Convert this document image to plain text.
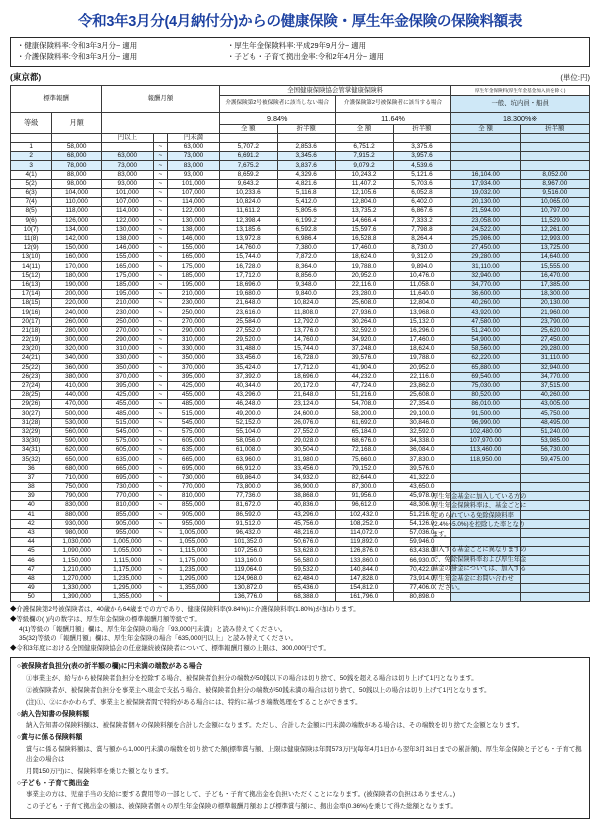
令和3年3月分(4月納付分)からの健康保険・厚生年金保険の保険料額表
・健康保険料率:令和3年3月分~ 適用	・厚生年金保険料率:平成29年9月分~ 適用
・介護保険料率:令和3年3月分~ 適用	・子ども・子育て拠出金率:令和2年4月分~ 適用
(東京都)	(単位:円)
標準報酬		報酬月額			全国健康保険協会管掌健康保険料				厚生年金保険料(厚生年金基金加入員を除く)	
					介護保険第2号被保険者に該当しない場合		介護保険第2号被保険者に該当する場合		一般、坑内員・船員	
等級	月額				9.84%		11.64%		18.300%※	
					全 額	折半額	全 額	折半額	全 額	折半額
		円以上		円未満						
1	58,000		~	63,000	5,707.2	2,853.6	6,751.2	3,375.6		
2	68,000	63,000	~	73,000	6,691.2	3,345.6	7,915.2	3,957.6		
3	78,000	73,000	~	83,000	7,675.2	3,837.6	9,079.2	4,539.6		
4(1)	88,000	83,000	~	93,000	8,659.2	4,329.6	10,243.2	5,121.6	16,104.00	8,052.00
5(2)	98,000	93,000	~	101,000	9,643.2	4,821.6	11,407.2	5,703.6	17,934.00	8,967.00
6(3)	104,000	101,000	~	107,000	10,233.6	5,116.8	12,105.6	6,052.8	19,032.00	9,516.00
7(4)	110,000	107,000	~	114,000	10,824.0	5,412.0	12,804.0	6,402.0	20,130.00	10,065.00
8(5)	118,000	114,000	~	122,000	11,611.2	5,805.6	13,735.2	6,867.6	21,594.00	10,797.00
9(6)	126,000	122,000	~	130,000	12,398.4	6,199.2	14,666.4	7,333.2	23,058.00	11,529.00
10(7)	134,000	130,000	~	138,000	13,185.6	6,592.8	15,597.6	7,798.8	24,522.00	12,261.00
11(8)	142,000	138,000	~	146,000	13,972.8	6,986.4	16,528.8	8,264.4	25,986.00	12,993.00
12(9)	150,000	146,000	~	155,000	14,760.0	7,380.0	17,460.0	8,730.0	27,450.00	13,725.00
13(10)	160,000	155,000	~	165,000	15,744.0	7,872.0	18,624.0	9,312.0	29,280.00	14,640.00
14(11)	170,000	165,000	~	175,000	16,728.0	8,364.0	19,788.0	9,894.0	31,110.00	15,555.00
15(12)	180,000	175,000	~	185,000	17,712.0	8,856.0	20,952.0	10,476.0	32,940.00	16,470.00
16(13)	190,000	185,000	~	195,000	18,696.0	9,348.0	22,116.0	11,058.0	34,770.00	17,385.00
17(14)	200,000	195,000	~	210,000	19,680.0	9,840.0	23,280.0	11,640.0	36,600.00	18,300.00
18(15)	220,000	210,000	~	230,000	21,648.0	10,824.0	25,608.0	12,804.0	40,260.00	20,130.00
19(16)	240,000	230,000	~	250,000	23,616.0	11,808.0	27,936.0	13,968.0	43,920.00	21,960.00
20(17)	260,000	250,000	~	270,000	25,584.0	12,792.0	30,264.0	15,132.0	47,580.00	23,790.00
21(18)	280,000	270,000	~	290,000	27,552.0	13,776.0	32,592.0	16,296.0	51,240.00	25,620.00
22(19)	300,000	290,000	~	310,000	29,520.0	14,760.0	34,920.0	17,460.0	54,900.00	27,450.00
23(20)	320,000	310,000	~	330,000	31,488.0	15,744.0	37,248.0	18,624.0	58,560.00	29,280.00
24(21)	340,000	330,000	~	350,000	33,456.0	16,728.0	39,576.0	19,788.0	62,220.00	31,110.00
25(22)	360,000	350,000	~	370,000	35,424.0	17,712.0	41,904.0	20,952.0	65,880.00	32,940.00
26(23)	380,000	370,000	~	395,000	37,392.0	18,696.0	44,232.0	22,116.0	69,540.00	34,770.00
27(24)	410,000	395,000	~	425,000	40,344.0	20,172.0	47,724.0	23,862.0	75,030.00	37,515.00
28(25)	440,000	425,000	~	455,000	43,296.0	21,648.0	51,216.0	25,608.0	80,520.00	40,260.00
29(26)	470,000	455,000	~	485,000	46,248.0	23,124.0	54,708.0	27,354.0	86,010.00	43,005.00
30(27)	500,000	485,000	~	515,000	49,200.0	24,600.0	58,200.0	29,100.0	91,500.00	45,750.00
31(28)	530,000	515,000	~	545,000	52,152.0	26,076.0	61,692.0	30,846.0	96,990.00	48,495.00
32(29)	560,000	545,000	~	575,000	55,104.0	27,552.0	65,184.0	32,592.0	102,480.00	51,240.00
33(30)	590,000	575,000	~	605,000	58,056.0	29,028.0	68,676.0	34,338.0	107,970.00	53,985.00
34(31)	620,000	605,000	~	635,000	61,008.0	30,504.0	72,168.0	36,084.0	113,460.00	56,730.00
35(32)	650,000	635,000	~	665,000	63,960.0	31,980.0	75,660.0	37,830.0	118,950.00	59,475.00
36	680,000	665,000	~	695,000	66,912.0	33,456.0	79,152.0	39,576.0		
37	710,000	695,000	~	730,000	69,864.0	34,932.0	82,644.0	41,322.0		
38	750,000	730,000	~	770,000	73,800.0	36,900.0	87,300.0	43,650.0		
39	790,000	770,000	~	810,000	77,736.0	38,868.0	91,956.0	45,978.0		
40	830,000	810,000	~	855,000	81,672.0	40,836.0	96,612.0	48,306.0		
41	880,000	855,000	~	905,000	86,592.0	43,296.0	102,432.0	51,216.0		
42	930,000	905,000	~	955,000	91,512.0	45,756.0	108,252.0	54,126.0		
43	980,000	955,000	~	1,005,000	96,432.0	48,216.0	114,072.0	57,036.0		
44	1,030,000	1,005,000	~	1,055,000	101,352.0	50,676.0	119,892.0	59,946.0		
45	1,090,000	1,055,000	~	1,115,000	107,256.0	53,628.0	126,876.0	63,438.0		
46	1,150,000	1,115,000	~	1,175,000	113,160.0	56,580.0	133,860.0	66,930.0		
47	1,210,000	1,175,000	~	1,235,000	119,064.0	59,532.0	140,844.0	70,422.0		
48	1,270,000	1,235,000	~	1,295,000	124,968.0	62,484.0	147,828.0	73,914.0		
49	1,330,000	1,295,000	~	1,355,000	130,872.0	65,436.0	154,812.0	77,406.0		
50	1,390,000	1,355,000	~		136,776.0	68,388.0	161,796.0	80,898.0		
◆介護保険第2号被保険者は、40歳から64歳までの方であり、健康保険料率(9.84%)に介護保険料率(1.80%)が加わります。
◆等級欄の( )内の数字は、厚生年金保険の標準報酬月額等級です。
4(1)等級の「報酬月額」欄は、厚生年金保険の場合「93,000円未満」と読み替えてください。
35(32)等級の「報酬月額」欄は、厚生年金保険の場合「635,000円以上」と読み替えてください。
◆令和3年度における全国健康保険協会の任意継続被保険者について、標準報酬月額の上限は、300,000円です。
○被保険者負担分(表の折半額の欄)に円未満の端数がある場合

①事業主が、給与から被保険者負担分を控除する場合、被保険者負担分の端数が50銭以下の場合は切り捨て、50銭を超える場合は切り上げて1円となります。

②被保険者が、被保険者負担分を事業主へ現金で支払う場合、被保険者負担分の端数が50銭未満の場合は切り捨て、50銭以上の場合は切り上げて1円となります。

(注)①、②にかかわらず、事業主と被保険者間で特約がある場合には、特約に基づき端数処理をすることができます。

○納入告知書の保険料額

納入告知書の保険料額は、被保険者個々の保険料額を合計した金額になります。ただし、合計した金額に円未満の端数がある場合は、その端数を切り捨てた金額となります。

○賞与に係る保険料額

賞与に係る保険料額は、賞与額から1,000円未満の端数を切り捨てた額(標準賞与額、上限は健康保険は年間573万円(毎年4月1日から翌年3月31日までの累計額)、厚生年金保険と子ども・子育て拠出金の場合は

月間150万円)に、保険料率を乗じた額となります。

○子ども・子育て拠出金

事業主の方は、児童手当の支給に要する費用等の一部として、子ども・子育て拠出金を負担いただくことになります。(被保険者の負担はありません。)

この子ども・子育て拠出金の額は、被保険者個々の厚生年金保険の標準報酬月額および標準賞与額に、拠出金率(0.36%)を乗じて得た総額となります。

厚生年金基金に加入している方の
厚生年金保険料率は、基金ごとに
定められている免除保険料率
(2.4%~5.0%)を控除した率となり
ます。
加入する基金ごとに異なりますの
で、免除保険料率および厚生年金
基金の掛金については、加入する
厚生年金基金にお問い合わせ
ください。
